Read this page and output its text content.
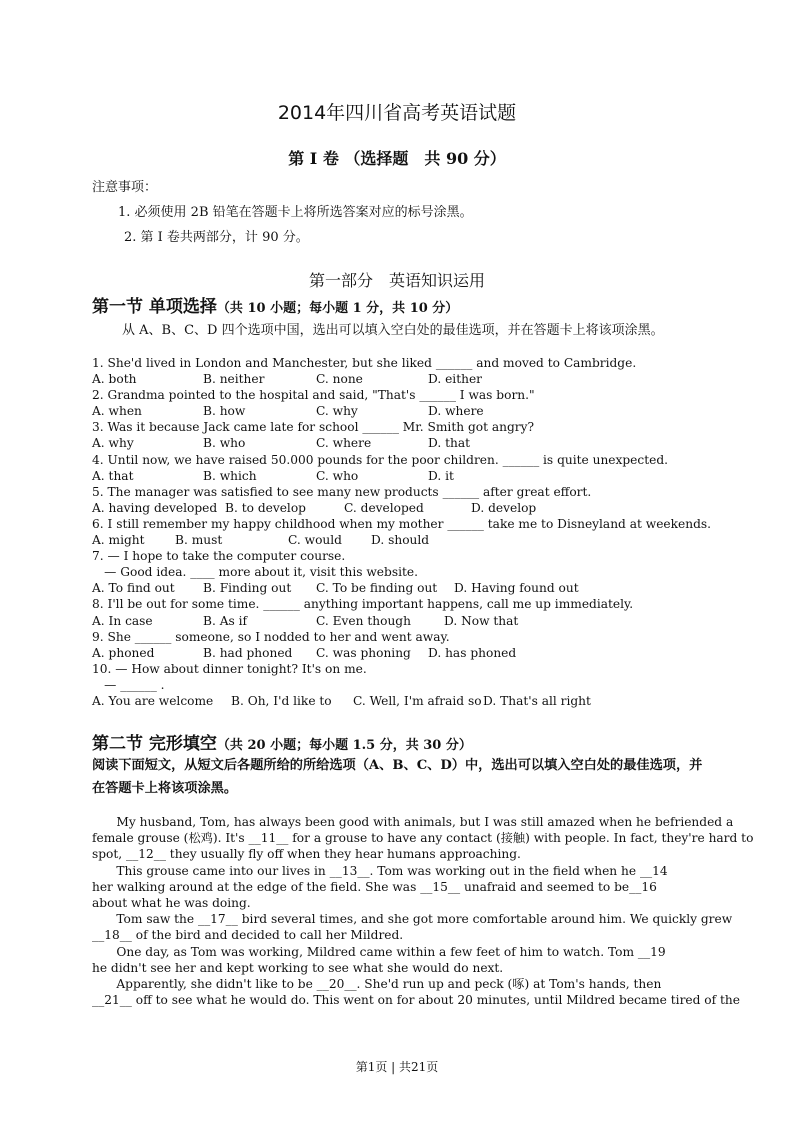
2014年四川省高考英语试题
第 I 卷 （选择题　共 90 分）
注意事项：
1. 必须使用 2B 铅笔在答题卡上将所选答案对应的标号涂黑。
2. 第 I 卷共两部分，计 90 分。
第一部分　英语知识运用
第一节 单项选择（共 10 小题；每小题 1 分，共 10 分）
从 A、B、C、D 四个选项中国，选出可以填入空白处的最佳选项，并在答题卡上将该项涂黑。
1. She'd lived in London and Manchester, but she liked ______ and moved to Cambridge.
A. both	B. neither	C. none	D. either
2. Grandma pointed to the hospital and said, "That's ______ I was born."
A. when	B. how	C. why	D. where
3. Was it because Jack came late for school ______ Mr. Smith got angry?
A. why	B. who	C. where	D. that
4. Until now, we have raised 50.000 pounds for the poor children. ______ is quite unexpected.
A. that	B. which	C. who	D. it
5. The manager was satisfied to see many new products ______ after great effort.
A. having developed B. to develop	C. developed	D. develop
6. I still remember my happy childhood when my mother ______ take me to Disneyland at weekends.
A. might B. must	C. would D. should
7. — I hope to take the computer course.
　— Good idea. ____ more about it, visit this website.
A. To find out B. Finding out C. To be finding out D. Having found out
8. I'll be out for some time. ______ anything important happens, call me up immediately.
A. In case	B. As if	C. Even though	D. Now that
9. She ______ someone, so I nodded to her and went away.
A. phoned	B. had phoned C. was phoning D. has phoned
10. — How about dinner tonight? It's on me.
　— ______ .
A. You are welcome B. Oh, I'd like to C. Well, I'm afraid so D. That's all right
第二节 完形填空（共 20 小题；每小题 1.5 分，共 30 分）
阅读下面短文，从短文后各题所给的所给选项（A、B、C、D）中，选出可以填入空白处的最佳选项，并在答题卡上将该项涂黑。
　　My husband, Tom, has always been good with animals, but I was still amazed when he befriended a
female grouse (松鸡). It's __11__ for a grouse to have any contact (接触) with people. In fact, they're hard to
spot, __12__ they usually fly off when they hear humans approaching.
　　This grouse came into our lives in __13__. Tom was working out in the field when he __14
her walking around at the edge of the field. She was __15__ unafraid and seemed to be__16
about what he was doing.
　　Tom saw the __17__ bird several times, and she got more comfortable around him. We quickly grew
__18__ of the bird and decided to call her Mildred.
　　One day, as Tom was working, Mildred came within a few feet of him to watch. Tom __19
he didn't see her and kept working to see what she would do next.
　　Apparently, she didn't like to be __20__. She'd run up and peck (啄) at Tom's hands, then
__21__ off to see what he would do. This went on for about 20 minutes, until Mildred became tired of the
第1页 | 共21页
